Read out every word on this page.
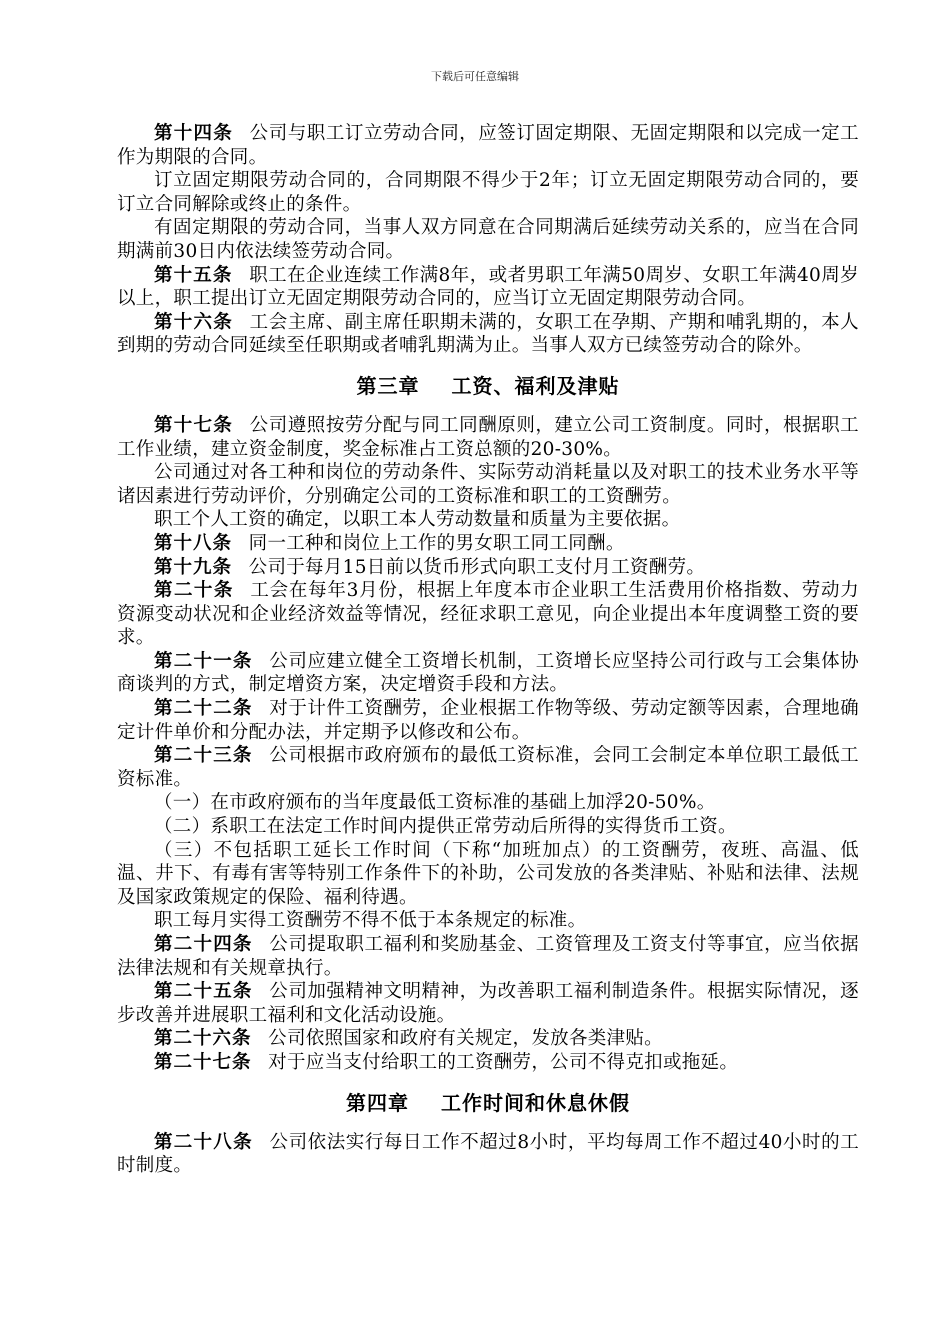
下载后可任意编辑

第十四条 公司与职工订立劳动合同，应签订固定期限、无固定期限和以完成一定工作为期限的合同。

订立固定期限劳动合同的，合同期限不得少于2年；订立无固定期限劳动合同的，要订立合同解除或终止的条件。

有固定期限的劳动合同，当事人双方同意在合同期满后延续劳动关系的，应当在合同期满前30日内依法续签劳动合同。

第十五条 职工在企业连续工作满8年，或者男职工年满50周岁、女职工年满40周岁以上，职工提出订立无固定期限劳动合同的，应当订立无固定期限劳动合同。

第十六条 工会主席、副主席任职期未满的，女职工在孕期、产期和哺乳期的，本人到期的劳动合同延续至任职期或者哺乳期满为止。当事人双方已续签劳动合的除外。

第三章 工资、福利及津贴

第十七条 公司遵照按劳分配与同工同酬原则，建立公司工资制度。同时，根据职工工作业绩，建立资金制度，奖金标准占工资总额的20-30%。

公司通过对各工种和岗位的劳动条件、实际劳动消耗量以及对职工的技术业务水平等诸因素进行劳动评价，分别确定公司的工资标准和职工的工资酬劳。

职工个人工资的确定，以职工本人劳动数量和质量为主要依据。

第十八条 同一工种和岗位上工作的男女职工同工同酬。

第十九条 公司于每月15日前以货币形式向职工支付月工资酬劳。

第二十条 工会在每年3月份，根据上年度本市企业职工生活费用价格指数、劳动力资源变动状况和企业经济效益等情况，经征求职工意见，向企业提出本年度调整工资的要求。

第二十一条 公司应建立健全工资增长机制，工资增长应坚持公司行政与工会集体协商谈判的方式，制定增资方案，决定增资手段和方法。

第二十二条 对于计件工资酬劳，企业根据工作物等级、劳动定额等因素，合理地确定计件单价和分配办法，并定期予以修改和公布。

第二十三条 公司根据市政府颁布的最低工资标准，会同工会制定本单位职工最低工资标准。

（一）在市政府颁布的当年度最低工资标准的基础上加浮20-50%。

（二）系职工在法定工作时间内提供正常劳动后所得的实得货币工资。

（三）不包括职工延长工作时间（下称“加班加点）的工资酬劳，夜班、高温、低温、井下、有毒有害等特别工作条件下的补助，公司发放的各类津贴、补贴和法律、法规及国家政策规定的保险、福利待遇。

职工每月实得工资酬劳不得不低于本条规定的标准。

第二十四条 公司提取职工福利和奖励基金、工资管理及工资支付等事宜，应当依据法律法规和有关规章执行。

第二十五条 公司加强精神文明精神，为改善职工福利制造条件。根据实际情况，逐步改善并进展职工福利和文化活动设施。

第二十六条 公司依照国家和政府有关规定，发放各类津贴。

第二十七条 对于应当支付给职工的工资酬劳，公司不得克扣或拖延。

第四章 工作时间和休息休假

第二十八条 公司依法实行每日工作不超过8小时，平均每周工作不超过40小时的工时制度。
